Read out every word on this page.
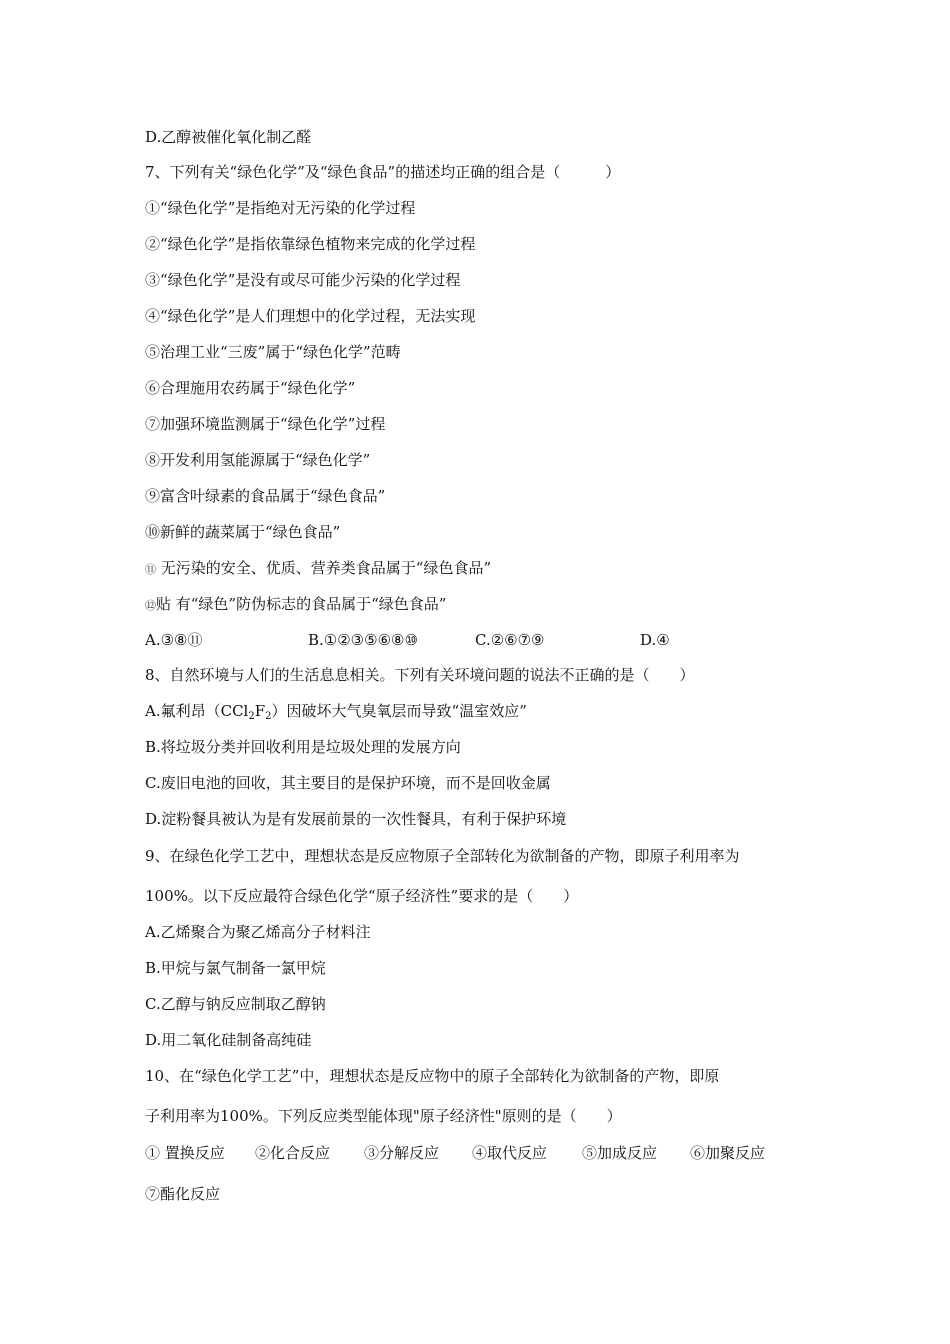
D.乙醇被催化氧化制乙醛
7、下列有关“绿色化学”及“绿色食品”的描述均正确的组合是（　　　）
①“绿色化学”是指绝对无污染的化学过程
②“绿色化学”是指依靠绿色植物来完成的化学过程
③“绿色化学”是没有或尽可能少污染的化学过程
④“绿色化学”是人们理想中的化学过程，无法实现
⑤治理工业“三废”属于“绿色化学”范畴
⑥合理施用农药属于“绿色化学”
⑦加强环境监测属于“绿色化学”过程
⑧开发利用氢能源属于“绿色化学”
⑨富含叶绿素的食品属于“绿色食品”
⑩新鲜的蔬菜属于“绿色食品”
⑪ 无污染的安全、优质、营养类食品属于“绿色食品”
⑫贴 有“绿色”防伪标志的食品属于“绿色食品”
A.③⑧⑪	B.①②③⑤⑥⑧⑩	C.②⑥⑦⑨	D.④
8、自然环境与人们的生活息息相关。下列有关环境问题的说法不正确的是（　　）
A.氟利昂$(CCl_2F_2)$因破坏大气臭氧层而导致“温室效应”
B.将垃圾分类并回收利用是垃圾处理的发展方向
C.废旧电池的回收，其主要目的是保护环境，而不是回收金属
D.淀粉餐具被认为是有发展前景的一次性餐具，有利于保护环境
9、在绿色化学工艺中，理想状态是反应物原子全部转化为欲制备的产物，即原子利用率为
100%。以下反应最符合绿色化学“原子经济性”要求的是（　　）
A.乙烯聚合为聚乙烯高分子材料注
B.甲烷与氯气制备一氯甲烷
C.乙醇与钠反应制取乙醇钠
D.用二氧化硅制备高纯硅
10、在“绿色化学工艺”中，理想状态是反应物中的原子全部转化为欲制备的产物，即原
子利用率为100%。下列反应类型能体现"原子经济性"原则的是（　　）
① 置换反应 ②化合反应 ③分解反应 ④取代反应 ⑤加成反应 ⑥加聚反应
⑦酯化反应
